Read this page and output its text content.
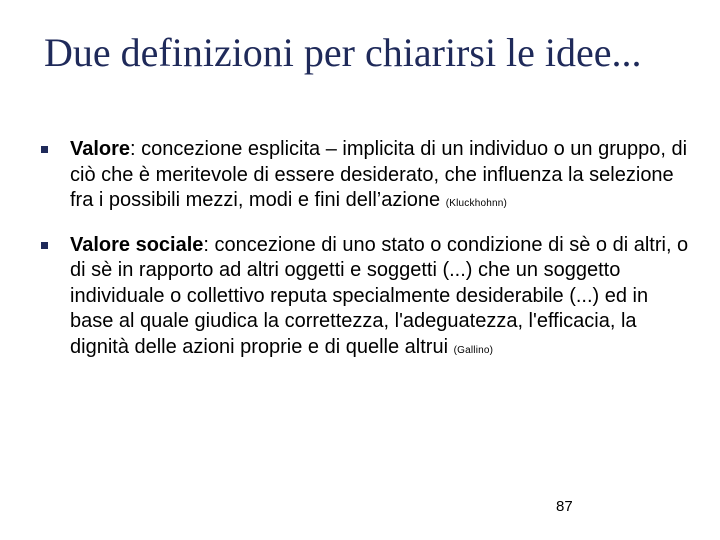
Due definizioni per chiarirsi le idee...
Valore: concezione esplicita – implicita di un individuo o un gruppo, di ciò che è meritevole di essere desiderato, che influenza la selezione fra i possibili mezzi, modi e fini dell’azione (Kluckhohnn)
Valore sociale: concezione di uno stato o condizione di sè o di altri, o di sè in rapporto ad altri oggetti e soggetti (...) che un soggetto individuale o collettivo reputa specialmente desiderabile (...) ed in base al quale giudica la correttezza, l'adeguatezza, l'efficacia, la dignità delle azioni proprie e di quelle altrui (Gallino)
87
